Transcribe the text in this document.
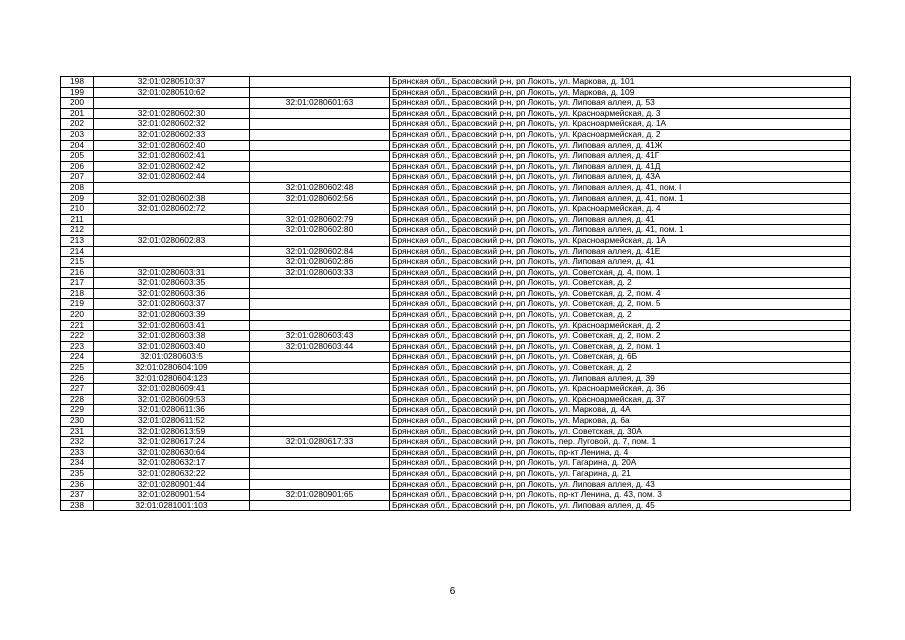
198	32:01:0280510:37		Брянская обл., Брасовский р-н, рп Локоть, ул. Маркова, д. 101
199	32:01:0280510:62		Брянская обл., Брасовский р-н, рп Локоть, ул. Маркова, д. 109
200		32:01:0280601:63	Брянская обл., Брасовский р-н, рп Локоть, ул. Липовая аллея, д. 53
201	32:01:0280602:30		Брянская обл., Брасовский р-н, рп Локоть, ул. Красноармейская, д. 3
202	32:01:0280602:32		Брянская обл., Брасовский р-н, рп Локоть, ул. Красноармейская, д. 1А
203	32:01:0280602:33		Брянская обл., Брасовский р-н, рп Локоть, ул. Красноармейская, д. 2
204	32:01:0280602:40		Брянская обл., Брасовский р-н, рп Локоть, ул. Липовая аллея, д. 41Ж
205	32:01:0280602:41		Брянская обл., Брасовский р-н, рп Локоть, ул. Липовая аллея, д. 41Г
206	32:01:0280602:42		Брянская обл., Брасовский р-н, рп Локоть, ул. Липовая аллея, д. 41Д
207	32:01:0280602:44		Брянская обл., Брасовский р-н, рп Локоть, ул. Липовая аллея, д. 43А
208		32:01:0280602:48	Брянская обл., Брасовский р-н, рп Локоть, ул. Липовая аллея, д. 41, пом. I
209	32:01:0280602:38	32:01:0280602:56	Брянская обл., Брасовский р-н, рп Локоть, ул. Липовая аллея, д. 41, пом. 1
210	32:01:0280602:72		Брянская обл., Брасовский р-н, рп Локоть, ул. Красноармейская, д. 4
211		32:01:0280602:79	Брянская обл., Брасовский р-н, рп Локоть, ул. Липовая аллея, д. 41
212		32:01:0280602:80	Брянская обл., Брасовский р-н, рп Локоть, ул. Липовая аллея, д. 41, пом. 1
213	32:01:0280602:83		Брянская обл., Брасовский р-н, рп Локоть, ул. Красноармейская, д. 1А
214		32:01:0280602:84	Брянская обл., Брасовский р-н, рп Локоть, ул. Липовая аллея, д. 41Е
215		32:01:0280602:86	Брянская обл., Брасовский р-н, рп Локоть, ул. Липовая аллея, д. 41
216	32:01:0280603:31	32:01:0280603:33	Брянская обл., Брасовский р-н, рп Локоть, ул. Советская, д. 4, пом. 1
217	32:01:0280603:35		Брянская обл., Брасовский р-н, рп Локоть, ул. Советская, д. 2
218	32:01:0280603:36		Брянская обл., Брасовский р-н, рп Локоть, ул. Советская, д. 2, пом. 4
219	32:01:0280603:37		Брянская обл., Брасовский р-н, рп Локоть, ул. Советская, д. 2, пом. 5
220	32:01:0280603:39		Брянская обл., Брасовский р-н, рп Локоть, ул. Советская, д. 2
221	32:01:0280603:41		Брянская обл., Брасовский р-н, рп Локоть, ул. Красноармейская, д. 2
222	32:01:0280603:38	32:01:0280603:43	Брянская обл., Брасовский р-н, рп Локоть, ул. Советская, д. 2, пом. 2
223	32:01:0280603:40	32:01:0280603:44	Брянская обл., Брасовский р-н, рп Локоть, ул. Советская, д. 2, пом. 1
224	32:01:0280603:5		Брянская обл., Брасовский р-н, рп Локоть, ул. Советская, д. 6Б
225	32:01:0280604:109		Брянская обл., Брасовский р-н, рп Локоть, ул. Советская, д. 2
226	32:01:0280604:123		Брянская обл., Брасовский р-н, рп Локоть, ул. Липовая аллея, д. 39
227	32:01:0280609:41		Брянская обл., Брасовский р-н, рп Локоть, ул. Красноармейская, д. 36
228	32:01:0280609:53		Брянская обл., Брасовский р-н, рп Локоть, ул. Красноармейская, д. 37
229	32:01:0280611:36		Брянская обл., Брасовский р-н, рп Локоть, ул. Маркова, д. 4А
230	32:01:0280611:52		Брянская обл., Брасовский р-н, рп Локоть, ул. Маркова, д. 6а
231	32:01:0280613:59		Брянская обл., Брасовский р-н, рп Локоть, ул. Советская, д. 30А
232	32:01:0280617:24	32:01:0280617:33	Брянская обл., Брасовский р-н, рп Локоть, пер. Луговой, д. 7, пом. 1
233	32:01:0280630:64		Брянская обл., Брасовский р-н, рп Локоть, пр-кт Ленина, д. 4
234	32:01:0280632:17		Брянская обл., Брасовский р-н, рп Локоть, ул. Гагарина, д. 20А
235	32:01:0280632:22		Брянская обл., Брасовский р-н, рп Локоть, ул. Гагарина, д. 21
236	32:01:0280901:44		Брянская обл., Брасовский р-н, рп Локоть, ул. Липовая аллея, д. 43
237	32:01:0280901:54	32:01:0280901:65	Брянская обл., Брасовский р-н, рп Локоть, пр-кт Ленина, д. 43, пом. 3
238	32:01:0281001:103		Брянская обл., Брасовский р-н, рп Локоть, ул. Липовая аллея, д. 45
6
